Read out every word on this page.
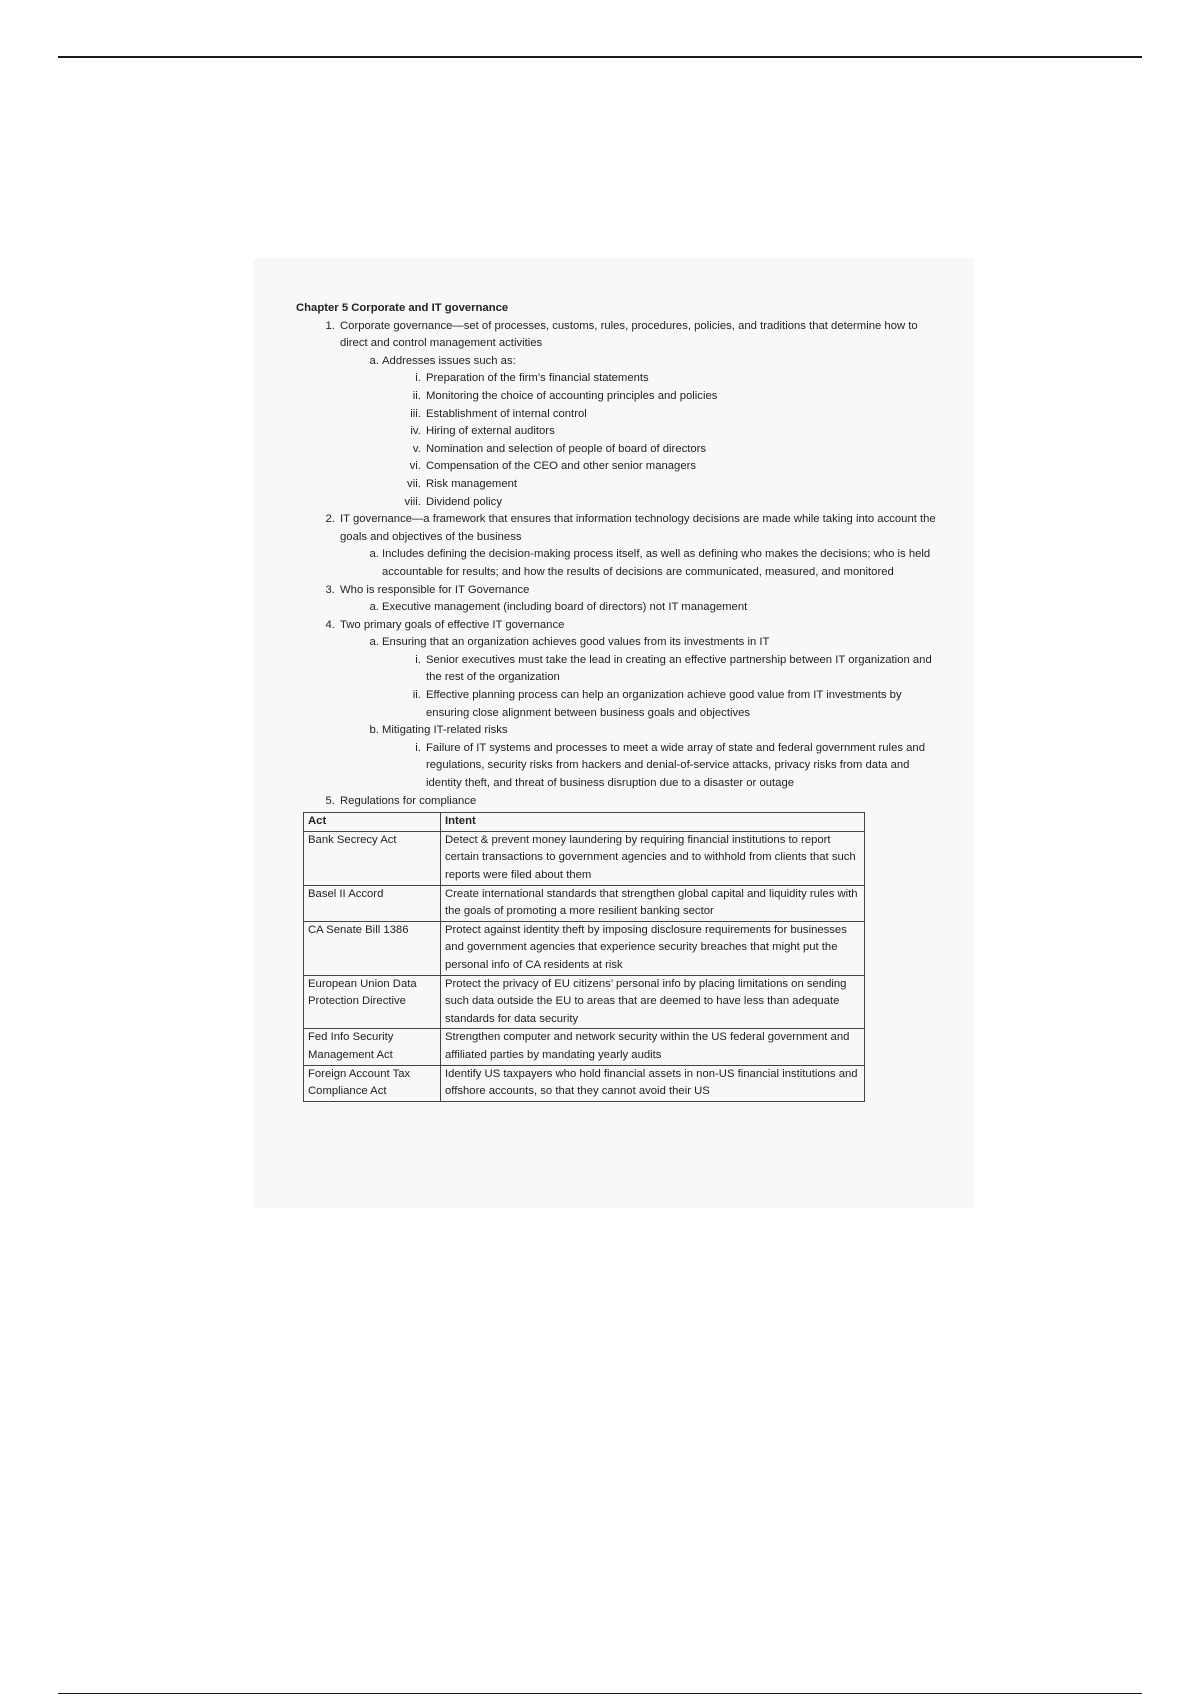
Chapter 5 Corporate and IT governance
1. Corporate governance—set of processes, customs, rules, procedures, policies, and traditions that determine how to direct and control management activities
a. Addresses issues such as:
i. Preparation of the firm’s financial statements
ii. Monitoring the choice of accounting principles and policies
iii. Establishment of internal control
iv. Hiring of external auditors
v. Nomination and selection of people of board of directors
vi. Compensation of the CEO and other senior managers
vii. Risk management
viii. Dividend policy
2. IT governance—a framework that ensures that information technology decisions are made while taking into account the goals and objectives of the business
a. Includes defining the decision-making process itself, as well as defining who makes the decisions; who is held accountable for results; and how the results of decisions are communicated, measured, and monitored
3. Who is responsible for IT Governance
a. Executive management (including board of directors) not IT management
4. Two primary goals of effective IT governance
a. Ensuring that an organization achieves good values from its investments in IT
i. Senior executives must take the lead in creating an effective partnership between IT organization and the rest of the organization
ii. Effective planning process can help an organization achieve good value from IT investments by ensuring close alignment between business goals and objectives
b. Mitigating IT-related risks
i. Failure of IT systems and processes to meet a wide array of state and federal government rules and regulations, security risks from hackers and denial-of-service attacks, privacy risks from data and identity theft, and threat of business disruption due to a disaster or outage
5. Regulations for compliance
Act	Intent
Bank Secrecy Act	Detect & prevent money laundering by requiring financial institutions to report certain transactions to government agencies and to withhold from clients that such reports were filed about them
Basel II Accord	Create international standards that strengthen global capital and liquidity rules with the goals of promoting a more resilient banking sector
CA Senate Bill 1386	Protect against identity theft by imposing disclosure requirements for businesses and government agencies that experience security breaches that might put the personal info of CA residents at risk
European Union Data Protection Directive	Protect the privacy of EU citizens’ personal info by placing limitations on sending such data outside the EU to areas that are deemed to have less than adequate standards for data security
Fed Info Security Management Act	Strengthen computer and network security within the US federal government and affiliated parties by mandating yearly audits
Foreign Account Tax Compliance Act	Identify US taxpayers who hold financial assets in non-US financial institutions and offshore accounts, so that they cannot avoid their US
